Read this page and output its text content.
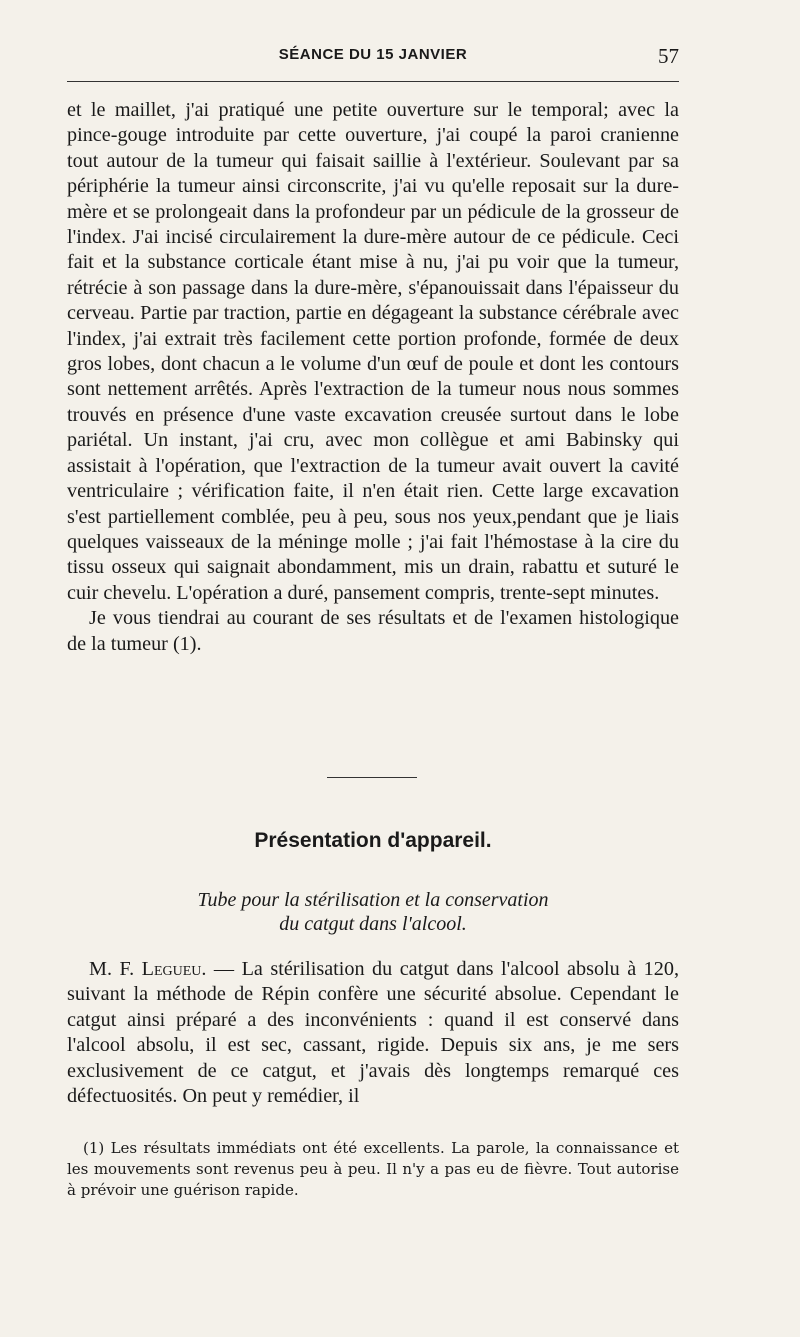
SÉANCE DU 15 JANVIER	57

et le maillet, j'ai pratiqué une petite ouverture sur le temporal; avec la pince-gouge introduite par cette ouverture, j'ai coupé la paroi cranienne tout autour de la tumeur qui faisait saillie à l'extérieur. Soulevant par sa périphérie la tumeur ainsi circonscrite, j'ai vu qu'elle reposait sur la dure-mère et se prolongeait dans la profondeur par un pédicule de la grosseur de l'index. J'ai incisé circulairement la dure-mère autour de ce pédicule. Ceci fait et la substance corticale étant mise à nu, j'ai pu voir que la tumeur, rétrécie à son passage dans la dure-mère, s'épanouissait dans l'épaisseur du cerveau. Partie par traction, partie en dégageant la substance cérébrale avec l'index, j'ai extrait très facilement cette portion profonde, formée de deux gros lobes, dont chacun a le volume d'un œuf de poule et dont les contours sont nettement arrêtés. Après l'extraction de la tumeur nous nous sommes trouvés en présence d'une vaste excavation creusée surtout dans le lobe pariétal. Un instant, j'ai cru, avec mon collègue et ami Babinsky qui assistait à l'opération, que l'extraction de la tumeur avait ouvert la cavité ventriculaire ; vérification faite, il n'en était rien. Cette large excavation s'est partiellement comblée, peu à peu, sous nos yeux,pendant que je liais quelques vaisseaux de la méninge molle ; j'ai fait l'hémostase à la cire du tissu osseux qui saignait abondamment, mis un drain, rabattu et suturé le cuir chevelu. L'opération a duré, pansement compris, trente-sept minutes.

Je vous tiendrai au courant de ses résultats et de l'examen histologique de la tumeur (1).

Présentation d'appareil.
Tube pour la stérilisation et la conservation
du catgut dans l'alcool.

M. F. Legueu. — La stérilisation du catgut dans l'alcool absolu à 120, suivant la méthode de Répin confère une sécurité absolue. Cependant le catgut ainsi préparé a des inconvénients : quand il est conservé dans l'alcool absolu, il est sec, cassant, rigide. Depuis six ans, je me sers exclusivement de ce catgut, et j'avais dès longtemps remarqué ces défectuosités. On peut y remédier, il

(1) Les résultats immédiats ont été excellents. La parole, la connaissance et les mouvements sont revenus peu à peu. Il n'y a pas eu de fièvre. Tout autorise à prévoir une guérison rapide.
